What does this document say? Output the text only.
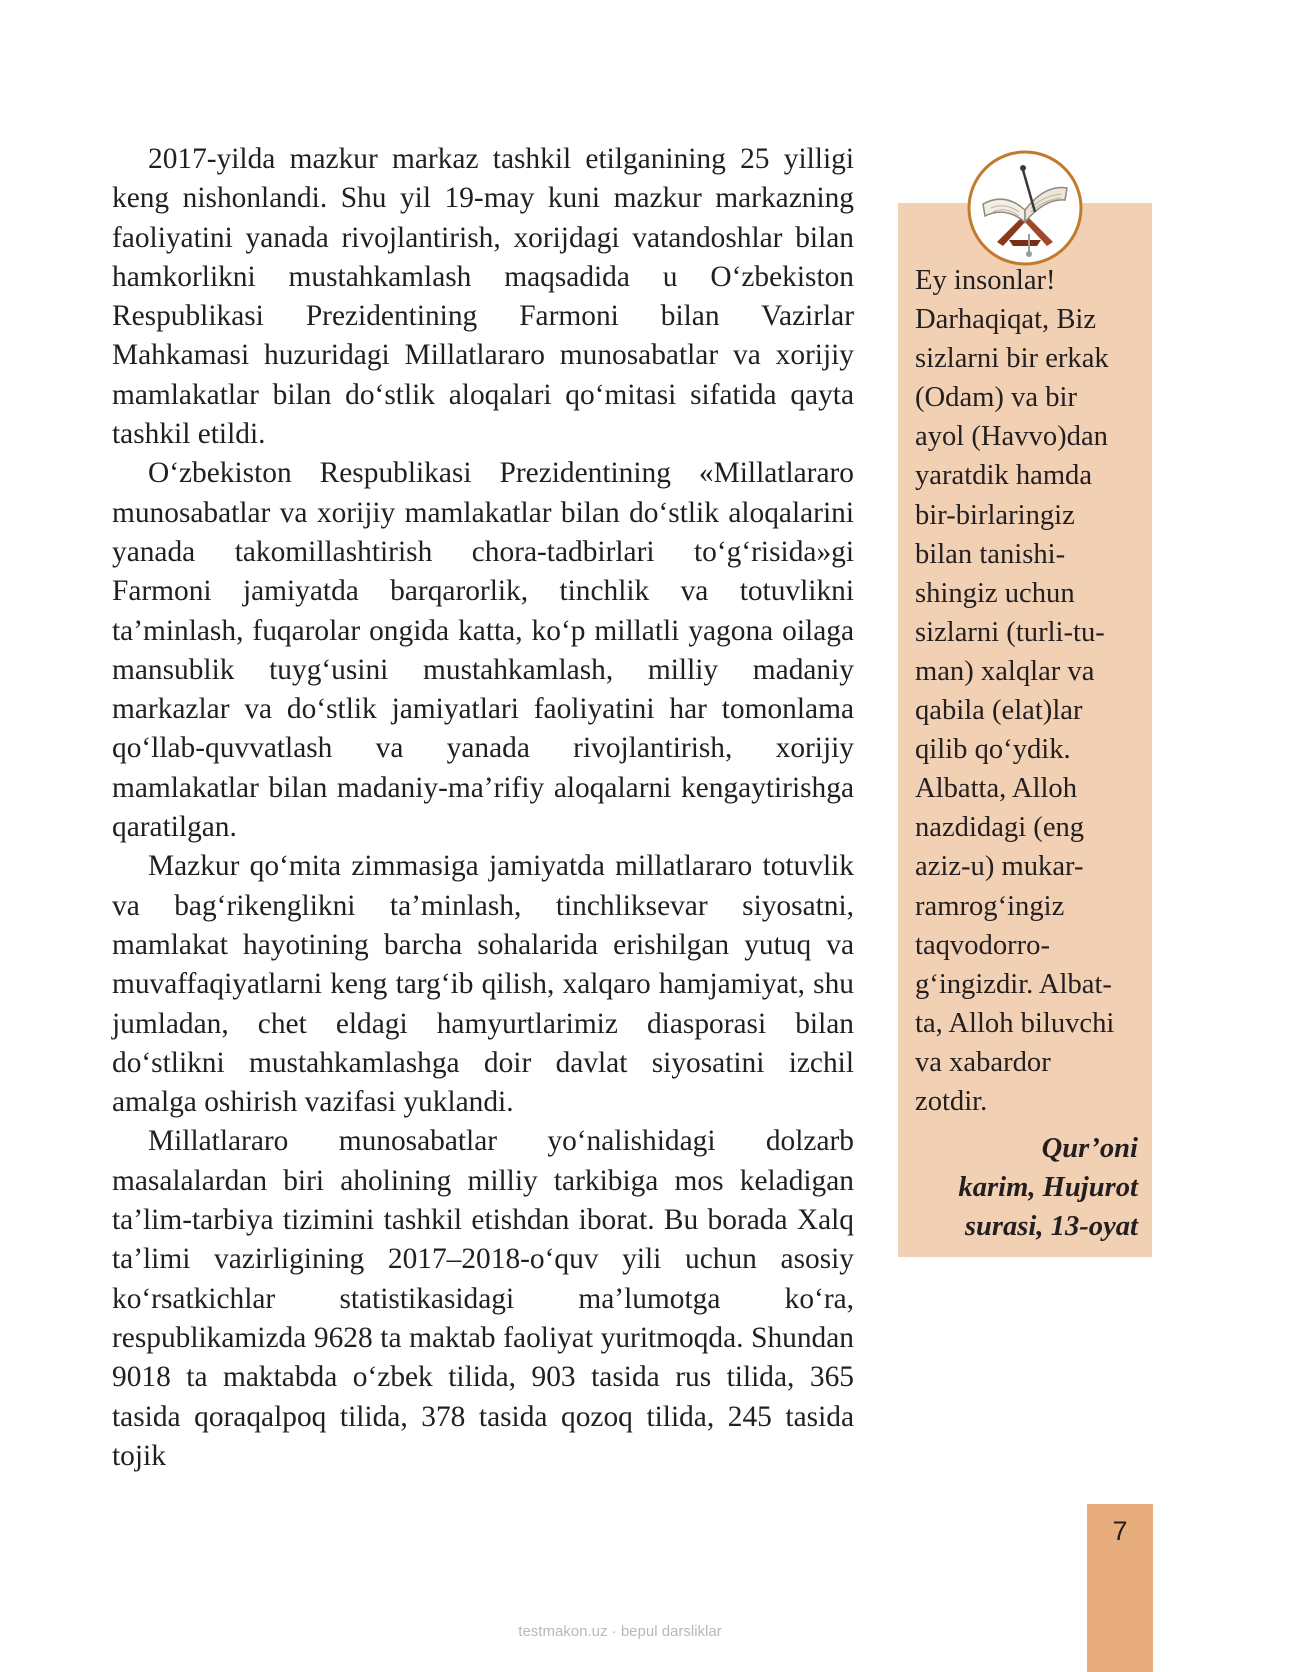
2017-yilda mazkur markaz tashkil etilganining 25 yilligi keng nishonlandi. Shu yil 19-may kuni mazkur markazning faoliyatini yanada rivojlantirish, xorijdagi vatandoshlar bilan hamkorlikni mustahkamlash maqsadida u O‘zbekiston Respublikasi Prezidentining Farmoni bilan Vazirlar Mahkamasi huzuridagi Millatlararo munosabatlar va xorijiy mamlakatlar bilan do‘stlik aloqalari qo‘mitasi sifatida qayta tashkil etildi.

O‘zbekiston Respublikasi Prezidentining «Millatlararo munosabatlar va xorijiy mamlakatlar bilan do‘stlik aloqalarini yanada takomillashtirish chora-tadbirlari to‘g‘risida»gi Farmoni jamiyatda barqarorlik, tinchlik va totuvlikni ta’minlash, fuqarolar ongida katta, ko‘p millatli yagona oilaga mansublik tuyg‘usini mustahkamlash, milliy madaniy markazlar va do‘stlik jamiyatlari faoliyatini har tomonlama qo‘llab-quvvatlash va yanada rivojlantirish, xorijiy mamlakatlar bilan madaniy-ma’rifiy aloqalarni kengaytirishga qaratilgan.

Mazkur qo‘mita zimmasiga jamiyatda millatlararo totuvlik va bag‘rikenglikni ta’minlash, tinchliksevar siyosatni, mamlakat hayotining barcha sohalarida erishilgan yutuq va muvaffaqiyatlarni keng targ‘ib qilish, xalqaro hamjamiyat, shu jumladan, chet eldagi hamyurtlarimiz diasporasi bilan do‘stlikni mustahkamlashga doir davlat siyosatini izchil amalga oshirish vazifasi yuklandi.

Millatlararo munosabatlar yo‘nalishidagi dolzarb masalalardan biri aholining milliy tarkibiga mos keladigan ta’lim-tarbiya tizimini tashkil etishdan iborat. Bu borada Xalq ta’limi vazirligining 2017–2018-o‘quv yili uchun asosiy ko‘rsatkichlar statistikasidagi ma’lumotga ko‘ra, respublikamizda 9628 ta maktab faoliyat yuritmoqda. Shundan 9018 ta maktabda o‘zbek tilida, 903 tasida rus tilida, 365 tasida qoraqalpoq tilida, 378 tasida qozoq tilida, 245 tasida tojik

Ey insonlar!
Darhaqiqat, Biz
sizlarni bir erkak
(Odam) va bir
ayol (Havvo)dan
yaratdik hamda
bir-birlaringiz
bilan tanishi-
shingiz uchun
sizlarni (turli-tu-
man) xalqlar va
qabila (elat)lar
qilib qo‘ydik.
Albatta, Alloh
nazdidagi (eng
aziz-u) mukar-
ramrog‘ingiz
taqvodorro-
g‘ingizdir. Albat-
ta, Alloh biluvchi
va xabardor
zotdir.
Qur’oni
karim, Hujurot
surasi, 13-oyat
7
testmakon.uz · bepul darsliklar
